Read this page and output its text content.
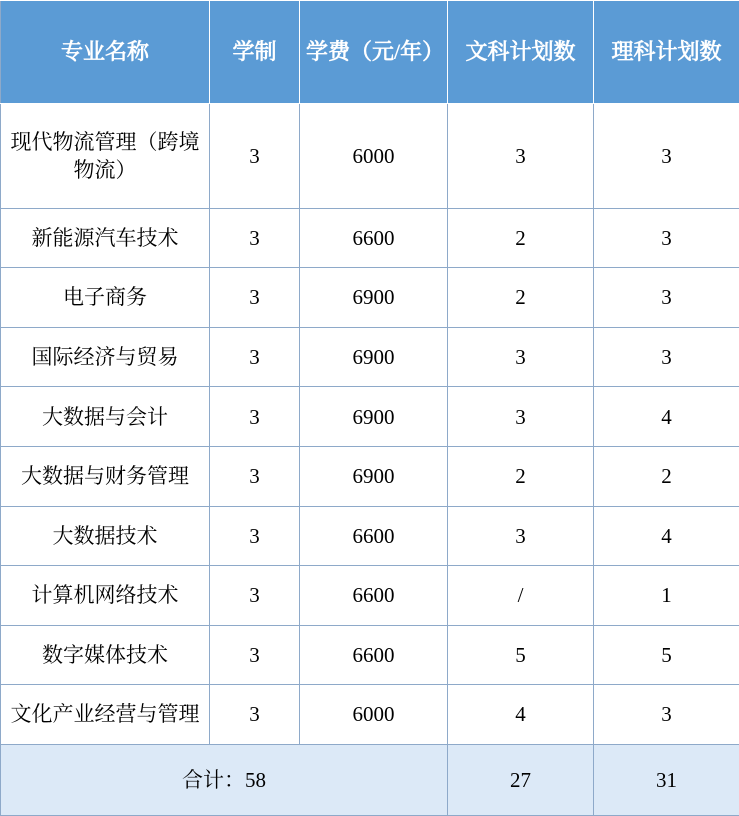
专业名称	学制	学费（元/年）	文科计划数	理科计划数
现代物流管理（跨境物流）	3	6000	3	3
新能源汽车技术	3	6600	2	3
电子商务	3	6900	2	3
国际经济与贸易	3	6900	3	3
大数据与会计	3	6900	3	4
大数据与财务管理	3	6900	2	2
大数据技术	3	6600	3	4
计算机网络技术	3	6600	/	1
数字媒体技术	3	6600	5	5
文化产业经营与管理	3	6000	4	3
合计：58			27	31
